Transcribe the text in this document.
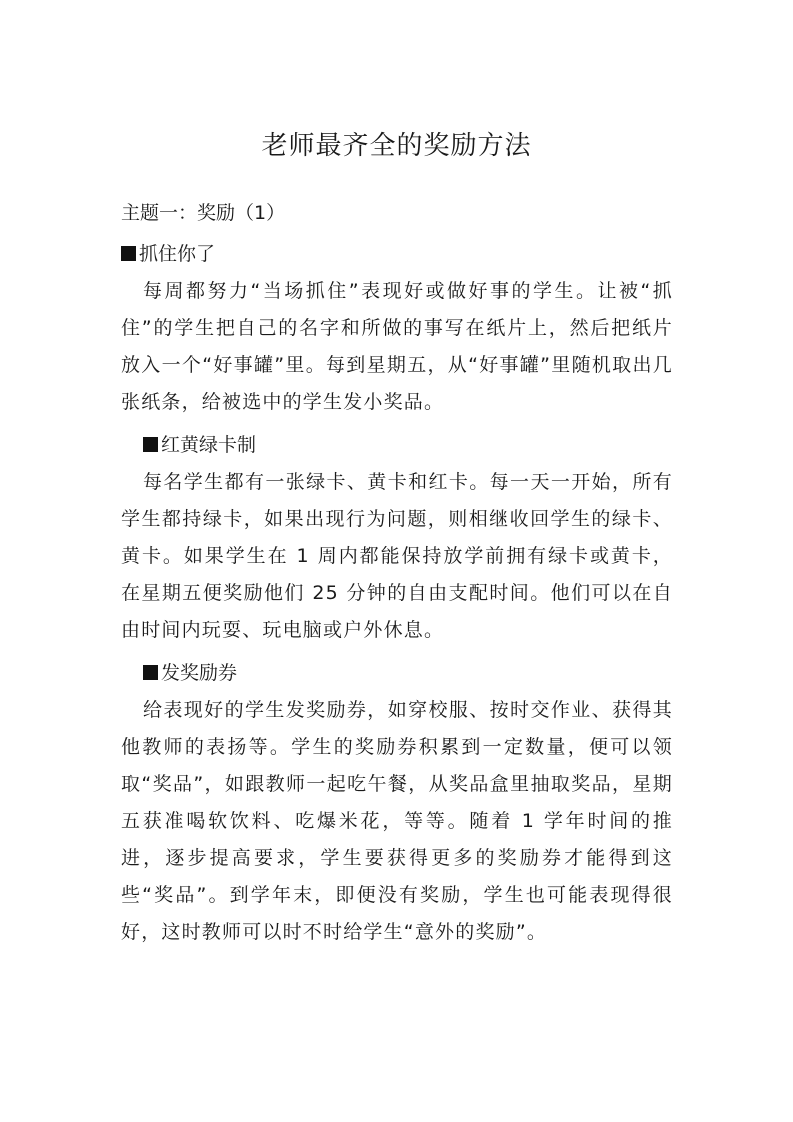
老师最齐全的奖励方法

主题一：奖励（1）

抓住你了

每周都努力“当场抓住”表现好或做好事的学生。让被“抓住”的学生把自己的名字和所做的事写在纸片上，然后把纸片放入一个“好事罐”里。每到星期五，从“好事罐”里随机取出几张纸条，给被选中的学生发小奖品。

红黄绿卡制

每名学生都有一张绿卡、黄卡和红卡。每一天一开始，所有学生都持绿卡，如果出现行为问题，则相继收回学生的绿卡、黄卡。如果学生在 1 周内都能保持放学前拥有绿卡或黄卡，在星期五便奖励他们 25 分钟的自由支配时间。他们可以在自由时间内玩耍、玩电脑或户外休息。

发奖励券

给表现好的学生发奖励券，如穿校服、按时交作业、获得其他教师的表扬等。学生的奖励券积累到一定数量，便可以领取“奖品”，如跟教师一起吃午餐，从奖品盒里抽取奖品，星期五获准喝软饮料、吃爆米花，等等。随着 1 学年时间的推进，逐步提高要求，学生要获得更多的奖励券才能得到这些“奖品”。到学年末，即便没有奖励，学生也可能表现得很好，这时教师可以时不时给学生“意外的奖励”。
